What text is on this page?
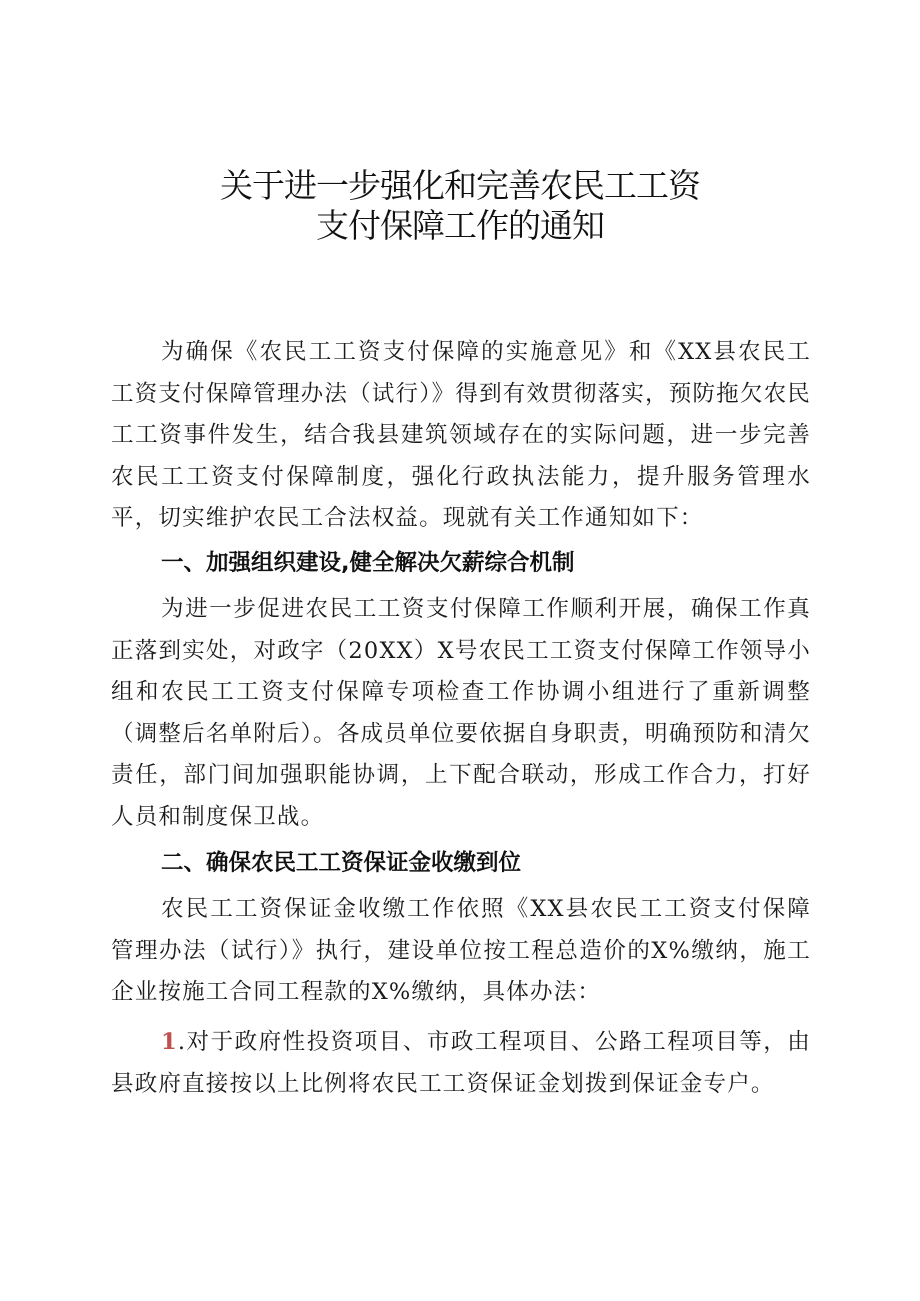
关于进一步强化和完善农民工工资
支付保障工作的通知

为确保《农民工工资支付保障的实施意见》和《XX县农民工工资支付保障管理办法（试行）》得到有效贯彻落实，预防拖欠农民工工资事件发生，结合我县建筑领域存在的实际问题，进一步完善农民工工资支付保障制度，强化行政执法能力，提升服务管理水平，切实维护农民工合法权益。现就有关工作通知如下：

一、加强组织建设,健全解决欠薪综合机制

为进一步促进农民工工资支付保障工作顺利开展，确保工作真正落到实处，对政字（20XX）X号农民工工资支付保障工作领导小组和农民工工资支付保障专项检查工作协调小组进行了重新调整（调整后名单附后）。各成员单位要依据自身职责，明确预防和清欠责任，部门间加强职能协调，上下配合联动，形成工作合力，打好人员和制度保卫战。

二、确保农民工工资保证金收缴到位

农民工工资保证金收缴工作依照《XX县农民工工资支付保障管理办法（试行）》执行，建设单位按工程总造价的X%缴纳，施工企业按施工合同工程款的X%缴纳，具体办法：

1.对于政府性投资项目、市政工程项目、公路工程项目等，由县政府直接按以上比例将农民工工资保证金划拨到保证金专户。
